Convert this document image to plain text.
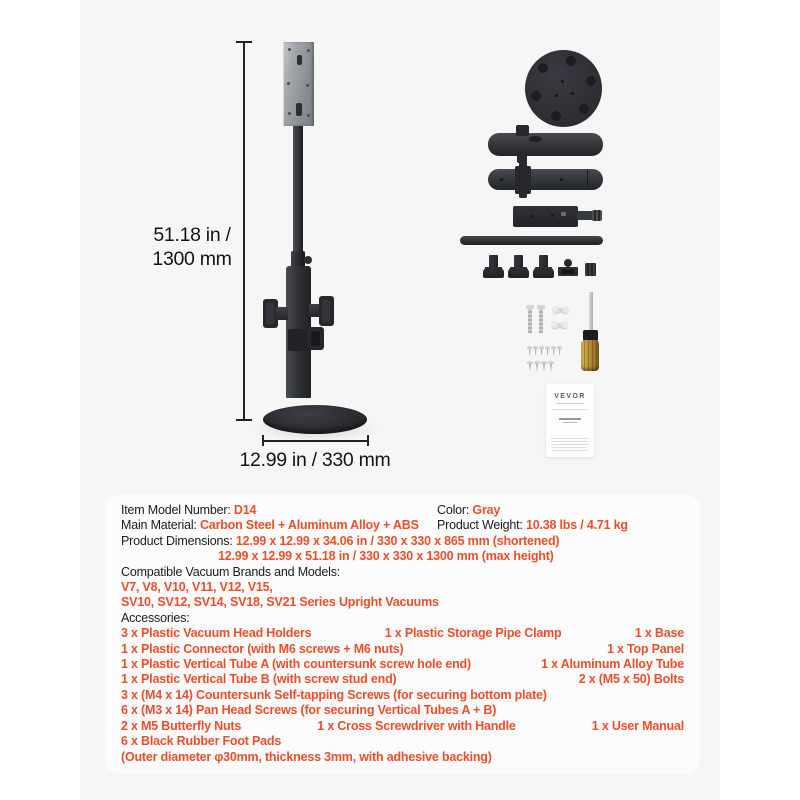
51.18 in /
1300 mm
12.99 in / 330 mm
VEVOR
Item Model Number: D14	Color: Gray
Main Material: Carbon Steel + Aluminum Alloy + ABS	Product Weight: 10.38 lbs / 4.71 kg
Product Dimensions: 12.99 x 12.99 x 34.06 in / 330 x 330 x 865 mm (shortened)
12.99 x 12.99 x 51.18 in / 330 x 330 x 1300 mm (max height)
Compatible Vacuum Brands and Models:
V7, V8, V10, V11, V12, V15,
SV10, SV12, SV14, SV18, SV21 Series Upright Vacuums
Accessories:
3 x Plastic Vacuum Head Holders	1 x Plastic Storage Pipe Clamp	1 x Base
1 x Plastic Connector (with M6 screws + M6 nuts)	1 x Top Panel
1 x Plastic Vertical Tube A (with countersunk screw hole end)	1 x Aluminum Alloy Tube
1 x Plastic Vertical Tube B (with screw stud end)	2 x (M5 x 50) Bolts
3 x (M4 x 14) Countersunk Self-tapping Screws (for securing bottom plate)
6 x (M3 x 14) Pan Head Screws (for securing Vertical Tubes A + B)
2 x M5 Butterfly Nuts	1 x Cross Screwdriver with Handle	1 x User Manual
6 x Black Rubber Foot Pads
(Outer diameter φ30mm, thickness 3mm, with adhesive backing)
